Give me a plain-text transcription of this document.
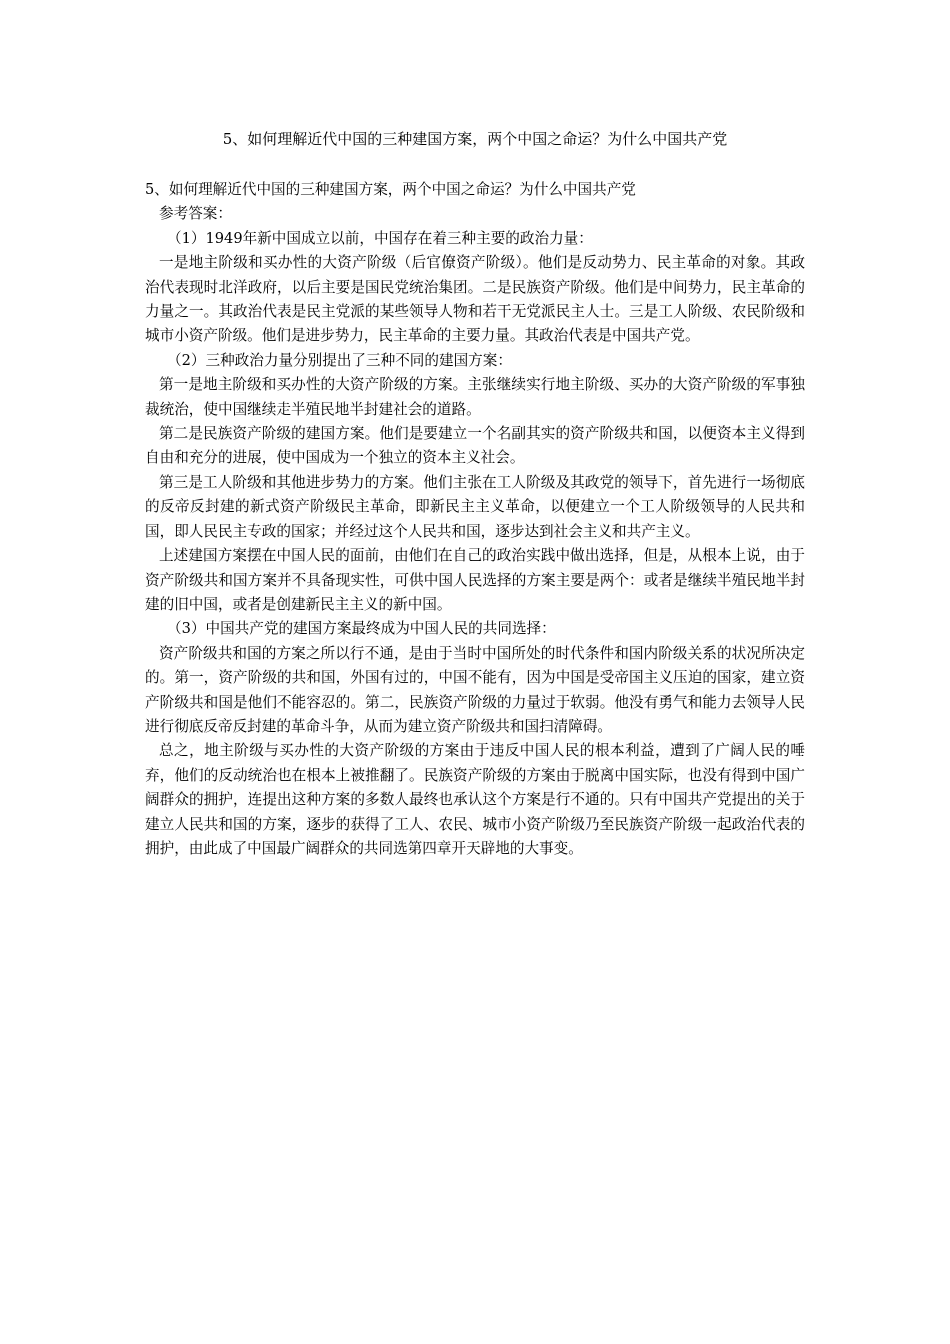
5、如何理解近代中国的三种建国方案，两个中国之命运？为什么中国共产党

5、如何理解近代中国的三种建国方案，两个中国之命运？为什么中国共产党

参考答案：

（1）1949年新中国成立以前，中国存在着三种主要的政治力量：

一是地主阶级和买办性的大资产阶级（后官僚资产阶级）。他们是反动势力、民主革命的对象。其政治代表现时北洋政府，以后主要是国民党统治集团。二是民族资产阶级。他们是中间势力，民主革命的力量之一。其政治代表是民主党派的某些领导人物和若干无党派民主人士。三是工人阶级、农民阶级和城市小资产阶级。他们是进步势力，民主革命的主要力量。其政治代表是中国共产党。

（2）三种政治力量分别提出了三种不同的建国方案：

第一是地主阶级和买办性的大资产阶级的方案。主张继续实行地主阶级、买办的大资产阶级的军事独裁统治，使中国继续走半殖民地半封建社会的道路。

第二是民族资产阶级的建国方案。他们是要建立一个名副其实的资产阶级共和国，以便资本主义得到自由和充分的进展，使中国成为一个独立的资本主义社会。

第三是工人阶级和其他进步势力的方案。他们主张在工人阶级及其政党的领导下，首先进行一场彻底的反帝反封建的新式资产阶级民主革命，即新民主主义革命，以便建立一个工人阶级领导的人民共和国，即人民民主专政的国家；并经过这个人民共和国，逐步达到社会主义和共产主义。

上述建国方案摆在中国人民的面前，由他们在自己的政治实践中做出选择，但是，从根本上说，由于资产阶级共和国方案并不具备现实性，可供中国人民选择的方案主要是两个：或者是继续半殖民地半封建的旧中国，或者是创建新民主主义的新中国。

（3）中国共产党的建国方案最终成为中国人民的共同选择：

资产阶级共和国的方案之所以行不通，是由于当时中国所处的时代条件和国内阶级关系的状况所决定的。第一，资产阶级的共和国，外国有过的，中国不能有，因为中国是受帝国主义压迫的国家，建立资产阶级共和国是他们不能容忍的。第二，民族资产阶级的力量过于软弱。他没有勇气和能力去领导人民进行彻底反帝反封建的革命斗争，从而为建立资产阶级共和国扫清障碍。

总之，地主阶级与买办性的大资产阶级的方案由于违反中国人民的根本利益，遭到了广阔人民的唾弃，他们的反动统治也在根本上被推翻了。民族资产阶级的方案由于脱离中国实际，也没有得到中国广阔群众的拥护，连提出这种方案的多数人最终也承认这个方案是行不通的。只有中国共产党提出的关于建立人民共和国的方案，逐步的获得了工人、农民、城市小资产阶级乃至民族资产阶级一起政治代表的拥护，由此成了中国最广阔群众的共同选第四章开天辟地的大事变。
